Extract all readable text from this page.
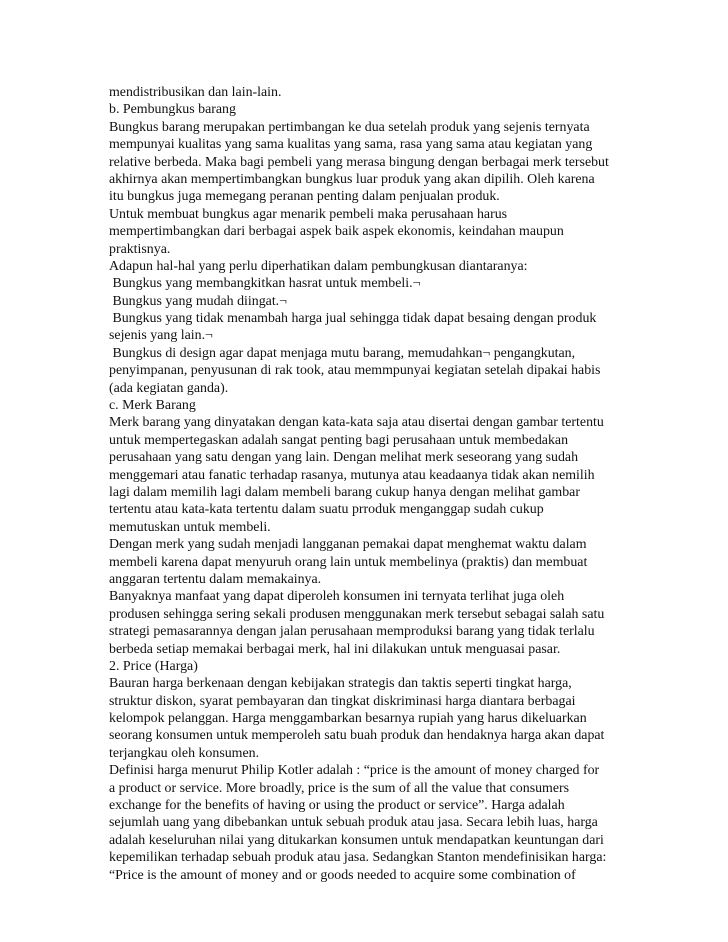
mendistribusikan dan lain-lain.
b. Pembungkus barang
Bungkus barang merupakan pertimbangan ke dua setelah produk yang sejenis ternyata
mempunyai kualitas yang sama kualitas yang sama, rasa yang sama atau kegiatan yang
relative berbeda. Maka bagi pembeli yang merasa bingung dengan berbagai merk tersebut
akhirnya akan mempertimbangkan bungkus luar produk yang akan dipilih. Oleh karena
itu bungkus juga memegang peranan penting dalam penjualan produk.
Untuk membuat bungkus agar menarik pembeli maka perusahaan harus
mempertimbangkan dari berbagai aspek baik aspek ekonomis, keindahan maupun
praktisnya.
Adapun hal-hal yang perlu diperhatikan dalam pembungkusan diantaranya:
Bungkus yang membangkitkan hasrat untuk membeli.¬
Bungkus yang mudah diingat.¬
Bungkus yang tidak menambah harga jual sehingga tidak dapat besaing dengan produk
sejenis yang lain.¬
Bungkus di design agar dapat menjaga mutu barang, memudahkan¬ pengangkutan,
penyimpanan, penyusunan di rak took, atau memmpunyai kegiatan setelah dipakai habis
(ada kegiatan ganda).
c. Merk Barang
Merk barang yang dinyatakan dengan kata-kata saja atau disertai dengan gambar tertentu
untuk mempertegaskan adalah sangat penting bagi perusahaan untuk membedakan
perusahaan yang satu dengan yang lain. Dengan melihat merk seseorang yang sudah
menggemari atau fanatic terhadap rasanya, mutunya atau keadaanya tidak akan nemilih
lagi dalam memilih lagi dalam membeli barang cukup hanya dengan melihat gambar
tertentu atau kata-kata tertentu dalam suatu prroduk menganggap sudah cukup
memutuskan untuk membeli.
Dengan merk yang sudah menjadi langganan pemakai dapat menghemat waktu dalam
membeli karena dapat menyuruh orang lain untuk membelinya (praktis) dan membuat
anggaran tertentu dalam memakainya.
Banyaknya manfaat yang dapat diperoleh konsumen ini ternyata terlihat juga oleh
produsen sehingga sering sekali produsen menggunakan merk tersebut sebagai salah satu
strategi pemasarannya dengan jalan perusahaan memproduksi barang yang tidak terlalu
berbeda setiap memakai berbagai merk, hal ini dilakukan untuk menguasai pasar.
2. Price (Harga)
Bauran harga berkenaan dengan kebijakan strategis dan taktis seperti tingkat harga,
struktur diskon, syarat pembayaran dan tingkat diskriminasi harga diantara berbagai
kelompok pelanggan. Harga menggambarkan besarnya rupiah yang harus dikeluarkan
seorang konsumen untuk memperoleh satu buah produk dan hendaknya harga akan dapat
terjangkau oleh konsumen.
Definisi harga menurut Philip Kotler adalah : “price is the amount of money charged for
a product or service. More broadly, price is the sum of all the value that consumers
exchange for the benefits of having or using the product or service”. Harga adalah
sejumlah uang yang dibebankan untuk sebuah produk atau jasa. Secara lebih luas, harga
adalah keseluruhan nilai yang ditukarkan konsumen untuk mendapatkan keuntungan dari
kepemilikan terhadap sebuah produk atau jasa. Sedangkan Stanton mendefinisikan harga:
“Price is the amount of money and or goods needed to acquire some combination of
